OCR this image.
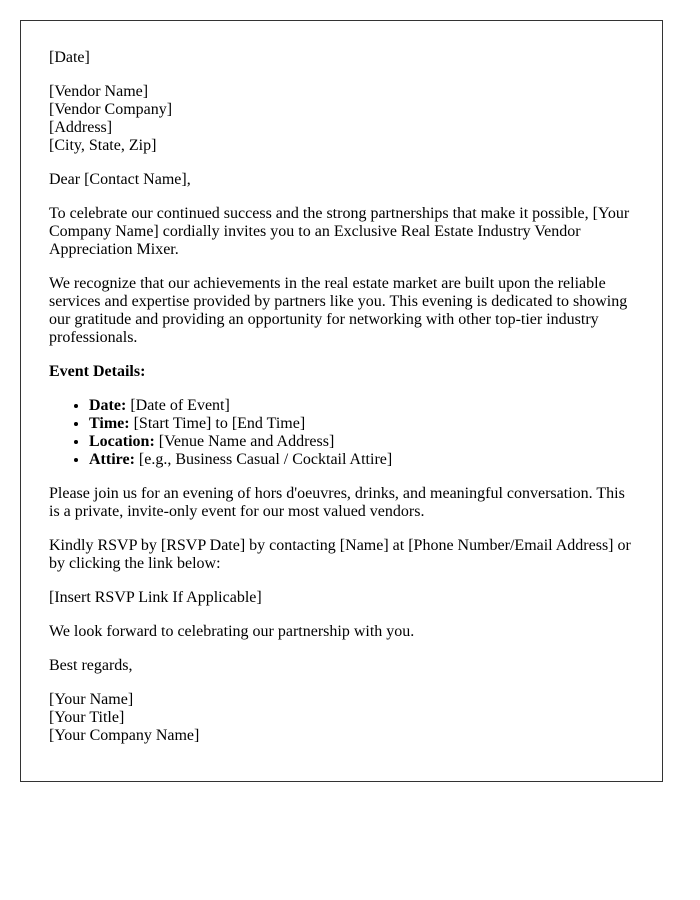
[Date]

[Vendor Name]
[Vendor Company]
[Address]
[City, State, Zip]

Dear [Contact Name],

To celebrate our continued success and the strong partnerships that make it possible, [Your Company Name] cordially invites you to an Exclusive Real Estate Industry Vendor Appreciation Mixer.

We recognize that our achievements in the real estate market are built upon the reliable services and expertise provided by partners like you. This evening is dedicated to showing our gratitude and providing an opportunity for networking with other top-tier industry professionals.

Event Details:

• Date: [Date of Event]
• Time: [Start Time] to [End Time]
• Location: [Venue Name and Address]
• Attire: [e.g., Business Casual / Cocktail Attire]

Please join us for an evening of hors d'oeuvres, drinks, and meaningful conversation. This is a private, invite-only event for our most valued vendors.

Kindly RSVP by [RSVP Date] by contacting [Name] at [Phone Number/Email Address] or by clicking the link below:

[Insert RSVP Link If Applicable]

We look forward to celebrating our partnership with you.

Best regards,

[Your Name]
[Your Title]
[Your Company Name]
